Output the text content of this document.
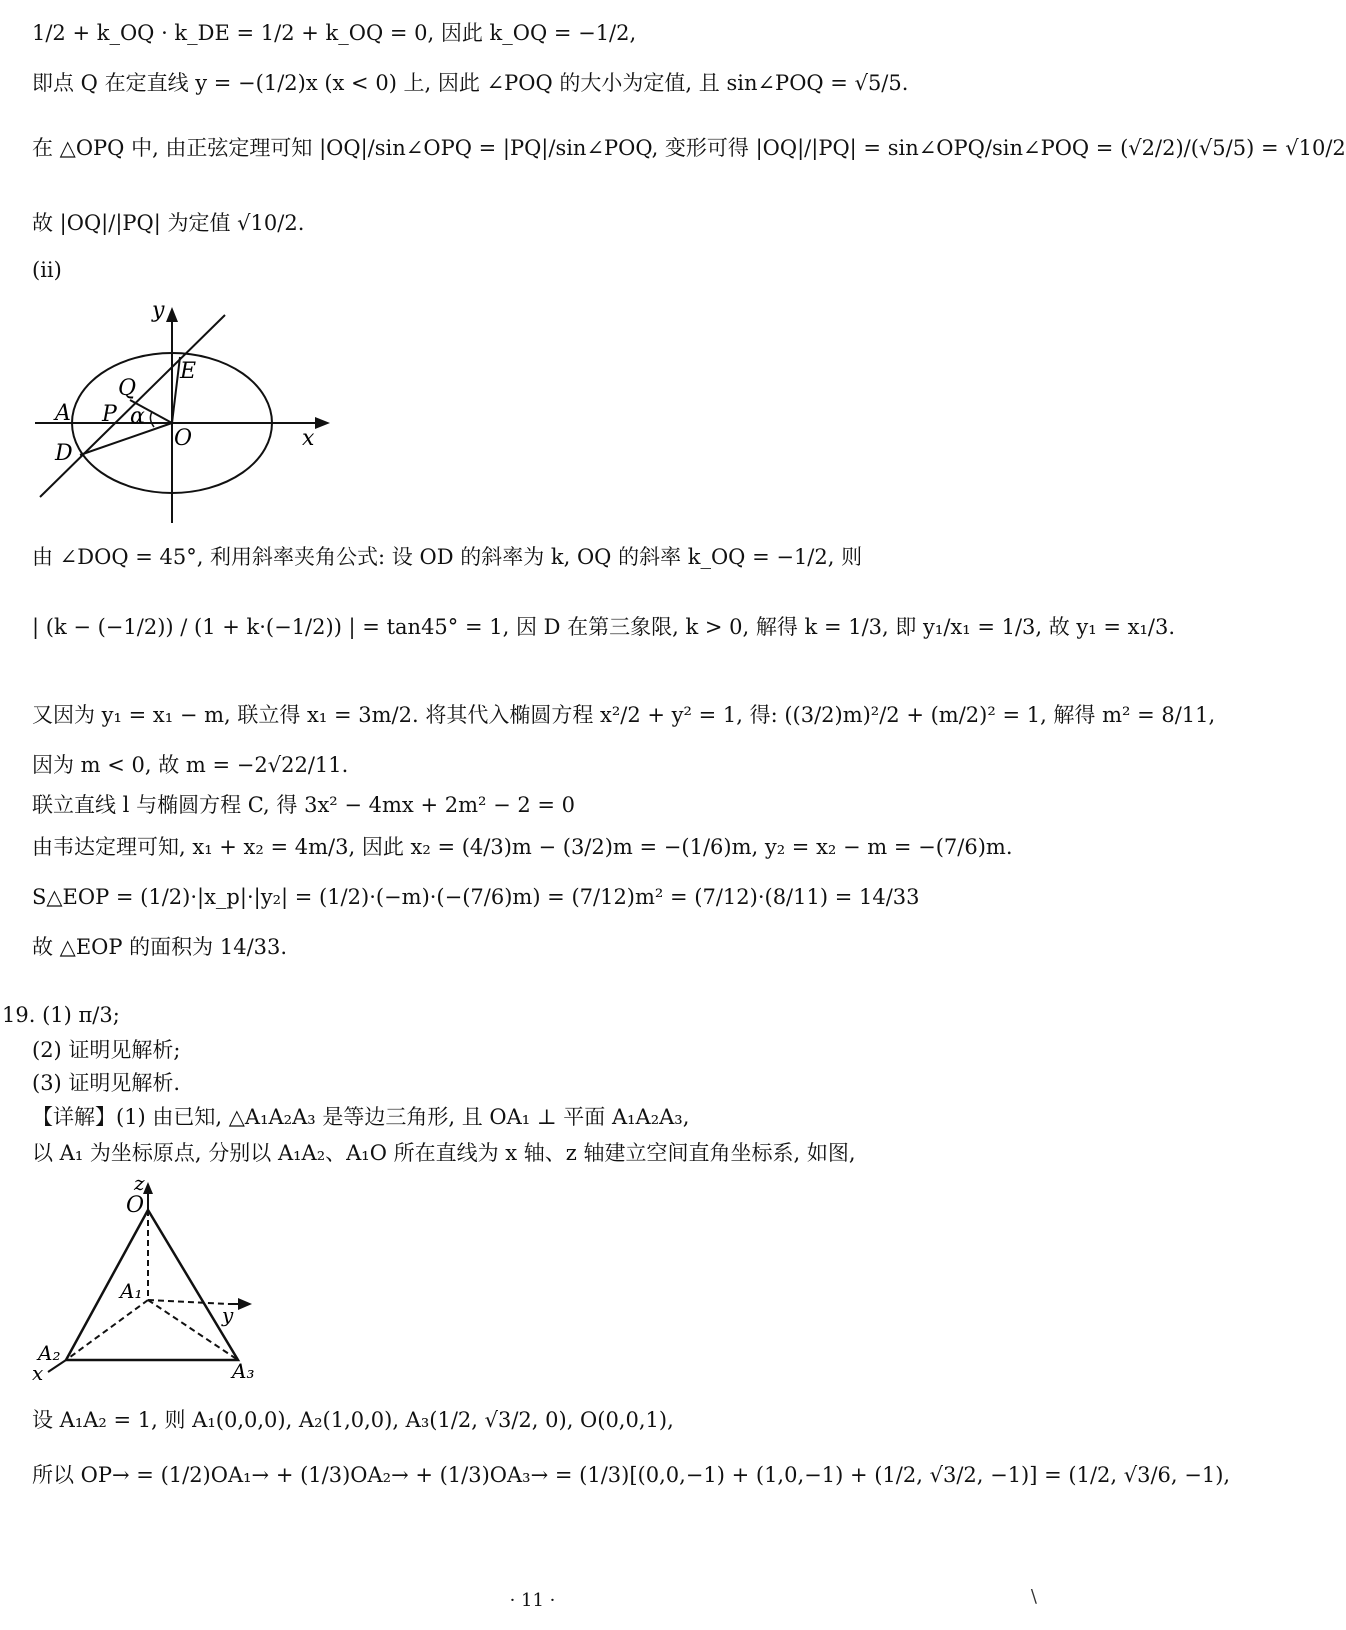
1/2 + k_OQ · k_DE = 1/2 + k_OQ = 0, 因此 k_OQ = −1/2,
即点 Q 在定直线 y = −(1/2)x (x < 0) 上, 因此 ∠POQ 的大小为定值, 且 sin∠POQ = √5/5.
在 △OPQ 中, 由正弦定理可知 |OQ|/sin∠OPQ = |PQ|/sin∠POQ, 变形可得 |OQ|/|PQ| = sin∠OPQ/sin∠POQ = (√2/2)/(√5/5) = √10/2
故 |OQ|/|PQ| 为定值 √10/2.
(ii)
y
x
E
Q
A P α
O
D
由 ∠DOQ = 45°, 利用斜率夹角公式: 设 OD 的斜率为 k, OQ 的斜率 k_OQ = −1/2, 则
| (k − (−1/2)) / (1 + k·(−1/2)) | = tan45° = 1, 因 D 在第三象限, k > 0, 解得 k = 1/3, 即 y₁/x₁ = 1/3, 故 y₁ = x₁/3.
又因为 y₁ = x₁ − m, 联立得 x₁ = 3m/2. 将其代入椭圆方程 x²/2 + y² = 1, 得: ((3/2)m)²/2 + (m/2)² = 1, 解得 m² = 8/11,
因为 m < 0, 故 m = −2√22/11.
联立直线 l 与椭圆方程 C, 得 3x² − 4mx + 2m² − 2 = 0
由韦达定理可知, x₁ + x₂ = 4m/3, 因此 x₂ = (4/3)m − (3/2)m = −(1/6)m, y₂ = x₂ − m = −(7/6)m.
S△EOP = (1/2)·|x_p|·|y₂| = (1/2)·(−m)·(−(7/6)m) = (7/12)m² = (7/12)·(8/11) = 14/33
故 △EOP 的面积为 14/33.
19. (1) π/3;
(2) 证明见解析;
(3) 证明见解析.
【详解】(1) 由已知, △A₁A₂A₃ 是等边三角形, 且 OA₁ ⊥ 平面 A₁A₂A₃,
以 A₁ 为坐标原点, 分别以 A₁A₂、A₁O 所在直线为 x 轴、z 轴建立空间直角坐标系, 如图,
z
O
A₁
y
A₂
x	A₃
设 A₁A₂ = 1, 则 A₁(0,0,0), A₂(1,0,0), A₃(1/2, √3/2, 0), O(0,0,1),
所以 OP→ = (1/2)OA₁→ + (1/3)OA₂→ + (1/3)OA₃→ = (1/3)[(0,0,−1) + (1,0,−1) + (1/2, √3/2, −1)] = (1/2, √3/6, −1),
· 11 ·	\
